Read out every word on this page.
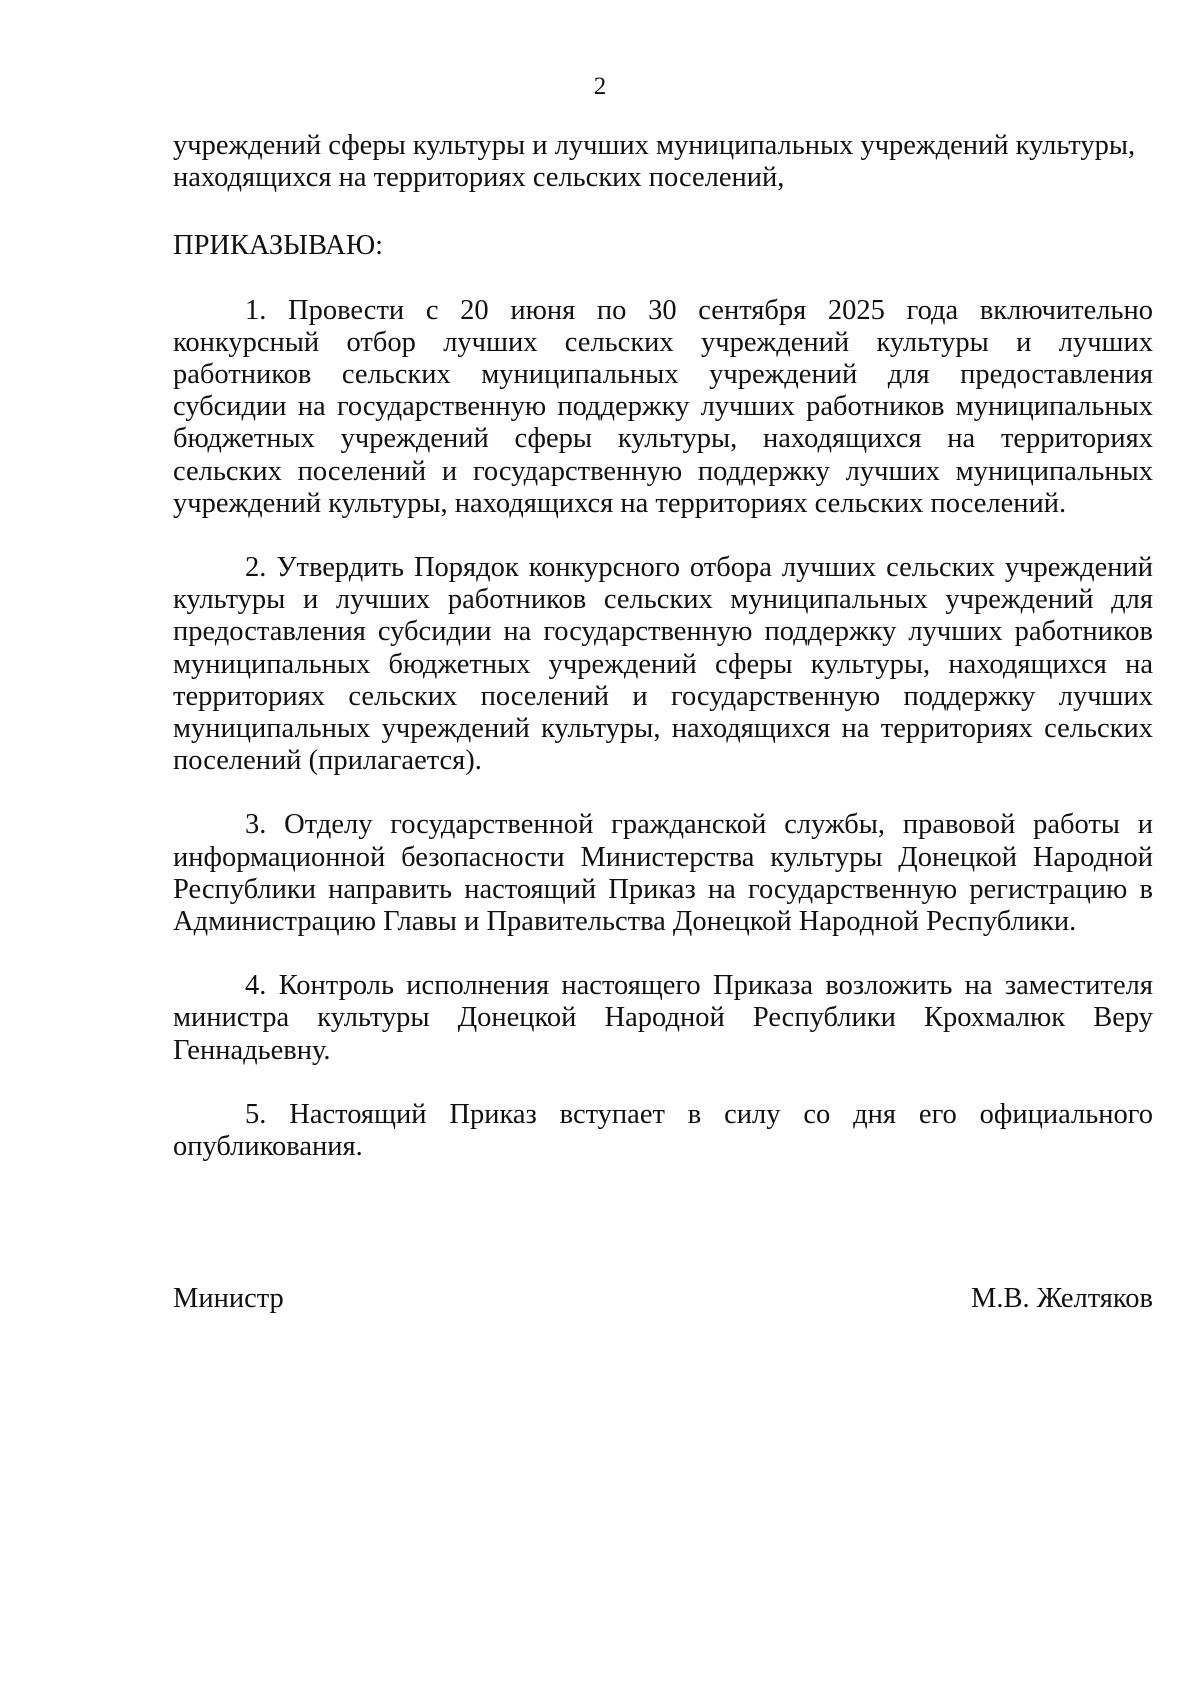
2

учреждений сферы культуры и лучших муниципальных учреждений культуры,

находящихся на территориях сельских поселений,

ПРИКАЗЫВАЮ:

1. Провести с 20 июня по 30 сентября 2025 года включительно конкурсный отбор лучших сельских учреждений культуры и лучших работников сельских муниципальных учреждений для предоставления субсидии на государственную поддержку лучших работников муниципальных бюджетных учреждений сферы культуры, находящихся на территориях сельских поселений и государственную поддержку лучших муниципальных учреждений культуры, находящихся на территориях сельских поселений.

2. Утвердить Порядок конкурсного отбора лучших сельских учреждений культуры и лучших работников сельских муниципальных учреждений для предоставления субсидии на государственную поддержку лучших работников муниципальных бюджетных учреждений сферы культуры, находящихся на территориях сельских поселений и государственную поддержку лучших муниципальных учреждений культуры, находящихся на территориях сельских поселений (прилагается).

3. Отделу государственной гражданской службы, правовой работы и информационной безопасности Министерства культуры Донецкой Народной Республики направить настоящий Приказ на государственную регистрацию в Администрацию Главы и Правительства Донецкой Народной Республики.

4. Контроль исполнения настоящего Приказа возложить на заместителя министра культуры Донецкой Народной Республики Крохмалюк Веру Геннадьевну.

5. Настоящий Приказ вступает в силу со дня его официального опубликования.

Министр	М.В. Желтяков
